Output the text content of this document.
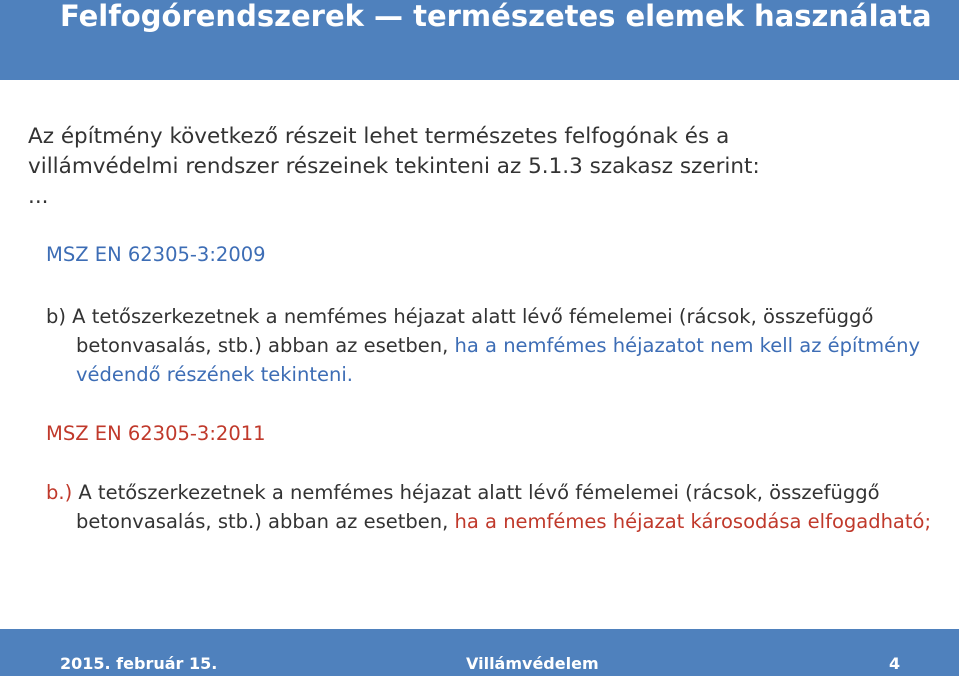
Felfogórendszerek — természetes elemek használata

Az építmény következő részeit lehet természetes felfogónak és a
villámvédelmi rendszer részeinek tekinteni az 5.1.3 szakasz szerint:
...

MSZ EN 62305-3:2009

b) A tetőszerkezetnek a nemfémes héjazat alatt lévő fémelemei (rácsok, összefüggő betonvasalás, stb.) abban az esetben, ha a nemfémes héjazatot nem kell az építmény védendő részének tekinteni.

MSZ EN 62305-3:2011

b.) A tetőszerkezetnek a nemfémes héjazat alatt lévő fémelemei (rácsok, összefüggő betonvasalás, stb.) abban az esetben, ha a nemfémes héjazat károsodása elfogadható;

2015. február 15.	Villámvédelem	4
